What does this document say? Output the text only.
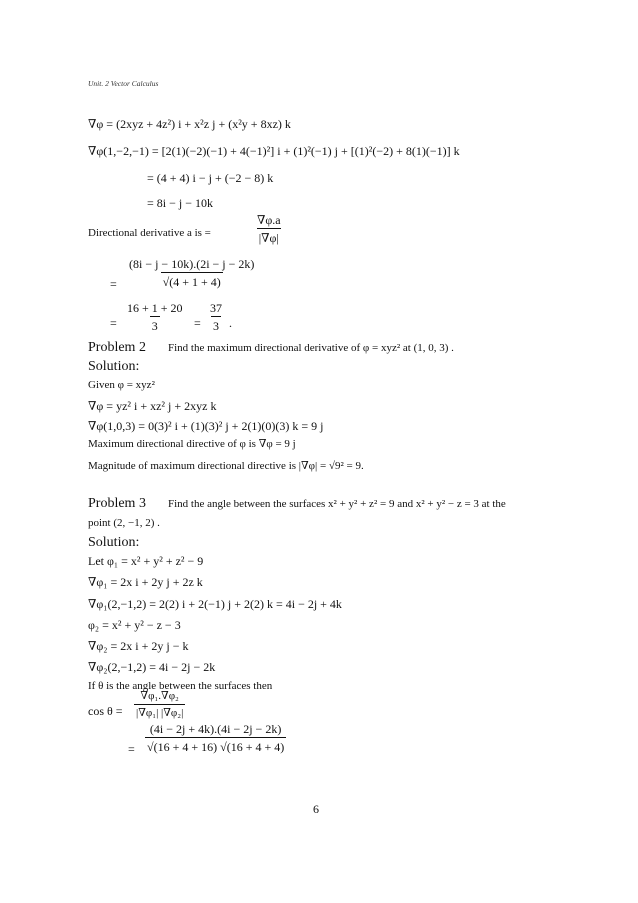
Unit. 2 Vector Calculus
∇φ = (2xyz + 4z²) i + x²z j + (x²y + 8xz) k
∇φ(1,−2,−1) = [2(1)(−2)(−1) + 4(−1)²] i + (1)²(−1) j + [(1)²(−2) + 8(1)(−1)] k
= (4 + 4) i − j + (−2 − 8) k
= 8i − j − 10k
Directional derivative a is =	$\frac{\nabla\varphi.a}{|\nabla\varphi|}$
= $\frac{(8i - j - 10k).(2i - j - 2k)}{√(4 + 1 + 4)}$
= $\frac{16 + 1 + 20}{3} = \frac{37}{3}$ .
Problem 2 Find the maximum directional derivative of φ = xyz² at (1, 0, 3) .
Solution:
Given φ = xyz²
∇φ = yz² i + xz² j + 2xyz k
∇φ(1,0,3) = 0(3)² i + (1)(3)² j + 2(1)(0)(3) k = 9 j
Maximum directional directive of φ is ∇φ = 9 j
Magnitude of maximum directional directive is |∇φ| = √9² = 9.
Problem 3 Find the angle between the surfaces x² + y² + z² = 9 and x² + y² − z = 3 at the
point (2, −1, 2) .
Solution:
Let φ₁ = x² + y² + z² − 9
∇φ₁ = 2x i + 2y j + 2z k
∇φ₁(2,−1,2) = 2(2) i + 2(−1) j + 2(2) k = 4i − 2j + 4k
φ₂ = x² + y² − z − 3
∇φ₂ = 2x i + 2y j − k
∇φ₂(2,−1,2) = 4i − 2j − 2k
If θ is the angle between the surfaces then
$\cos \theta = \frac{\text{∇φ₁.∇φ₂}}{\text{|∇φ₁| |∇φ₂|}}$
= $\frac{(4i - 2j + 4k).(4i - 2j - 2k)}{√(16 + 4 + 16) √(16 + 4 + 4)}$
6
